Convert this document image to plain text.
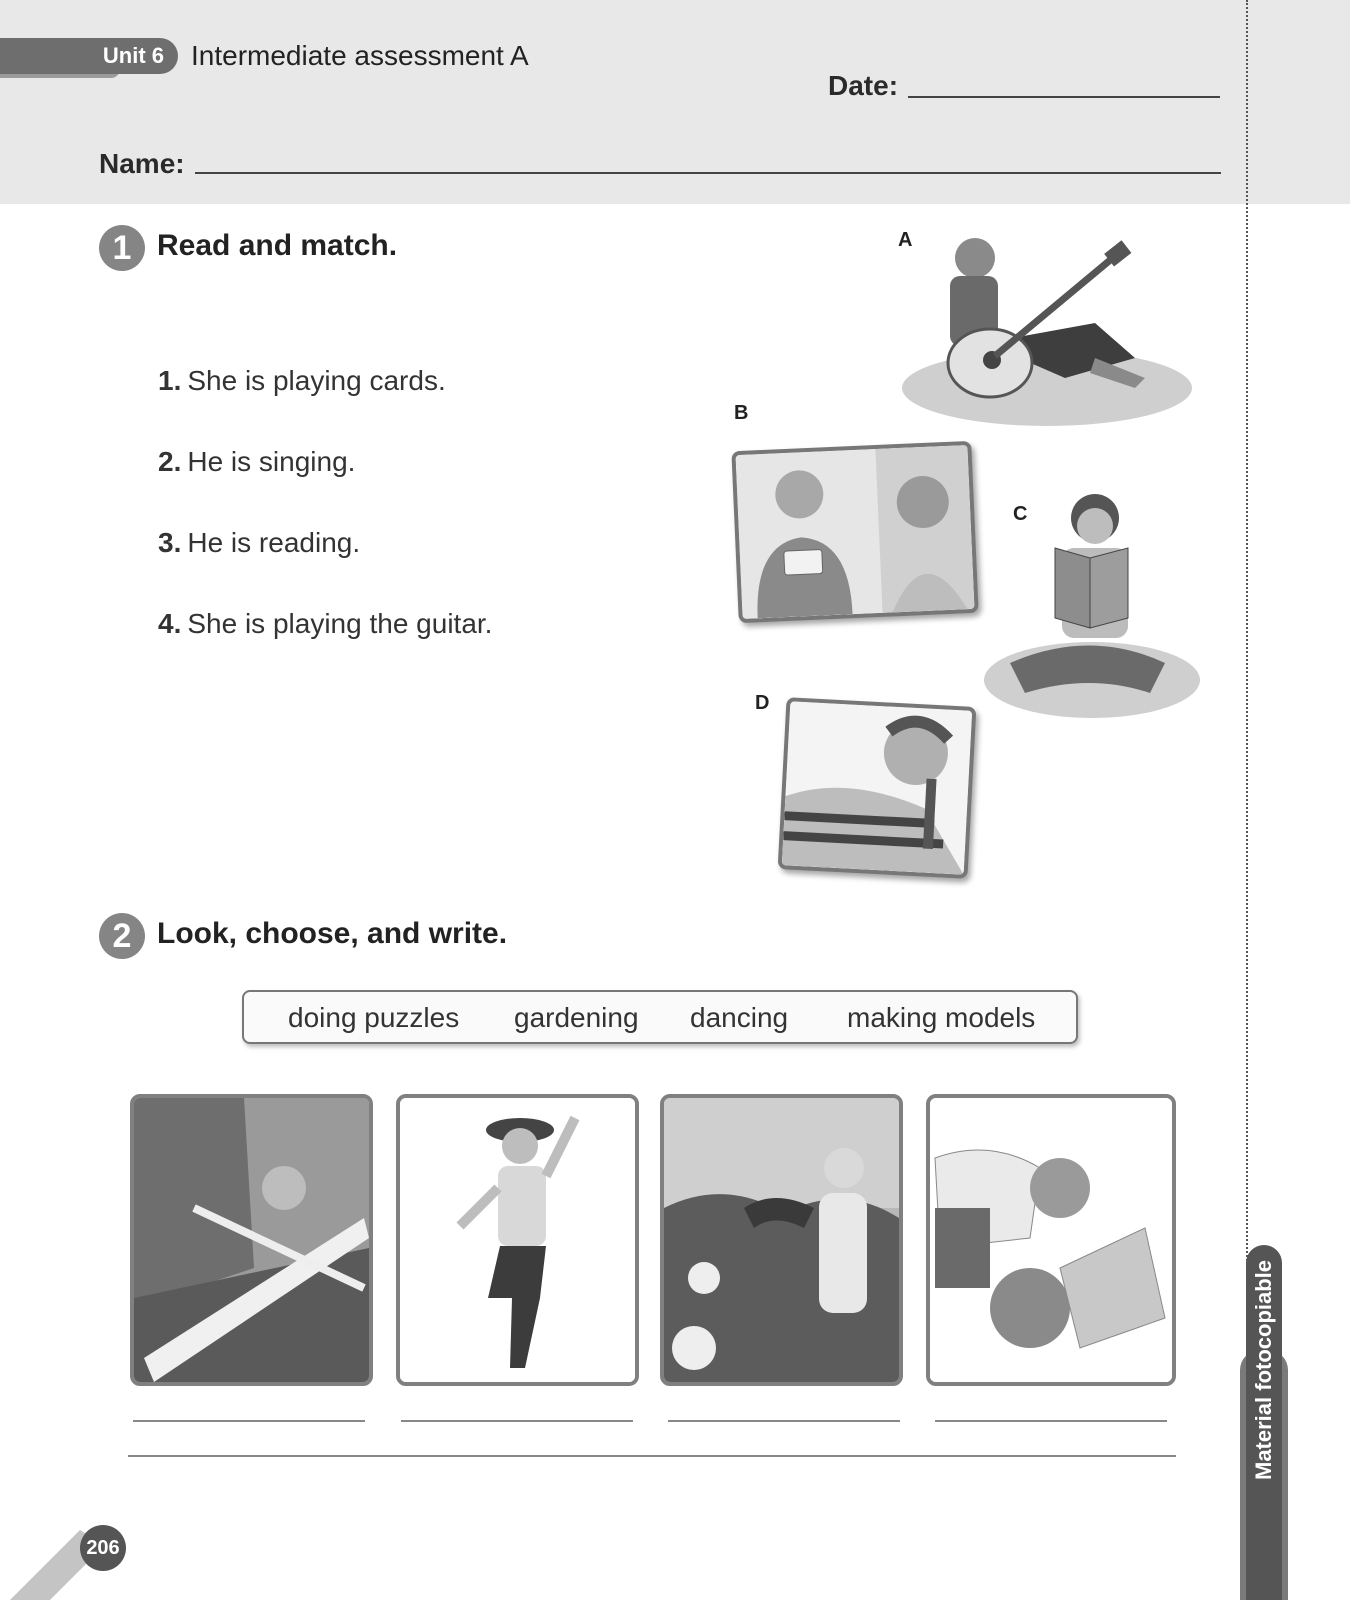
Unit 6 Intermediate assessment A
Date:
Name:
1 Read and match.
1. She is playing cards.
2. He is singing.
3. He is reading.
4. She is playing the guitar.
A
B
C
D
2 Look, choose, and write.
doing puzzles gardening dancing making models
Material fotocopiable
206
